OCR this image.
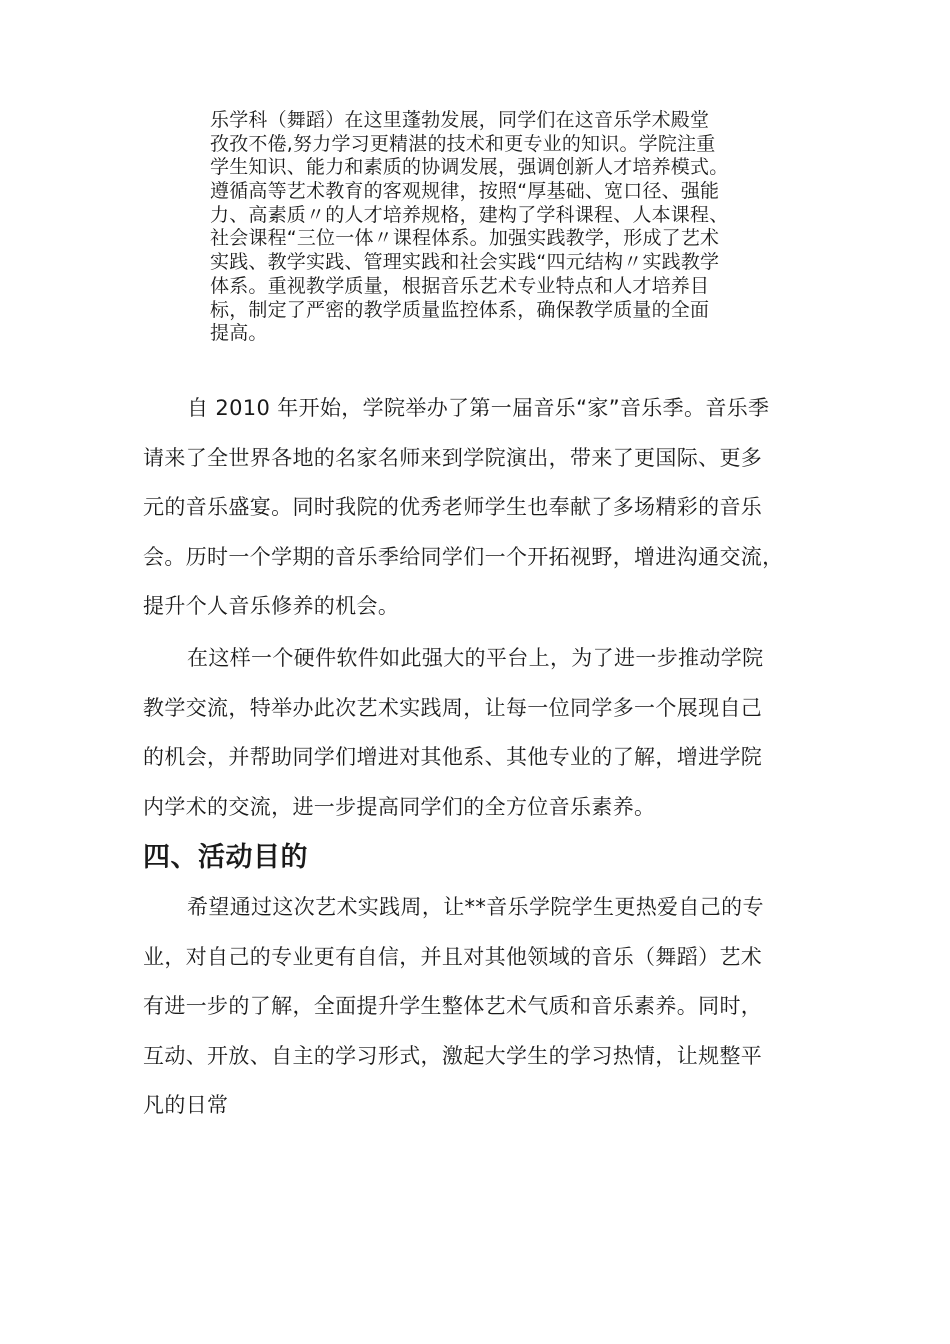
乐学科（舞蹈）在这里蓬勃发展，同学们在这音乐学术殿堂
孜孜不倦,努力学习更精湛的技术和更专业的知识。学院注重
学生知识、能力和素质的协调发展，强调创新人才培养模式。
遵循高等艺术教育的客观规律，按照“厚基础、宽口径、强能
力、高素质〃的人才培养规格，建构了学科课程、人本课程、
社会课程“三位一体〃课程体系。加强实践教学，形成了艺术
实践、教学实践、管理实践和社会实践“四元结构〃实践教学
体系。重视教学质量，根据音乐艺术专业特点和人才培养目
标，制定了严密的教学质量监控体系，确保教学质量的全面
提高。
自 2010 年开始，学院举办了第一届音乐“家”音乐季。音乐季
请来了全世界各地的名家名师来到学院演出，带来了更国际、更多
元的音乐盛宴。同时我院的优秀老师学生也奉献了多场精彩的音乐
会。历时一个学期的音乐季给同学们一个开拓视野，增进沟通交流，
提升个人音乐修养的机会。
在这样一个硬件软件如此强大的平台上，为了进一步推动学院
教学交流，特举办此次艺术实践周，让每一位同学多一个展现自己
的机会，并帮助同学们增进对其他系、其他专业的了解，增进学院
内学术的交流，进一步提高同学们的全方位音乐素养。
四、活动目的
希望通过这次艺术实践周，让**音乐学院学生更热爱自己的专
业，对自己的专业更有自信，并且对其他领域的音乐（舞蹈）艺术
有进一步的了解，全面提升学生整体艺术气质和音乐素养。同时，
互动、开放、自主的学习形式，激起大学生的学习热情，让规整平
凡的日常
